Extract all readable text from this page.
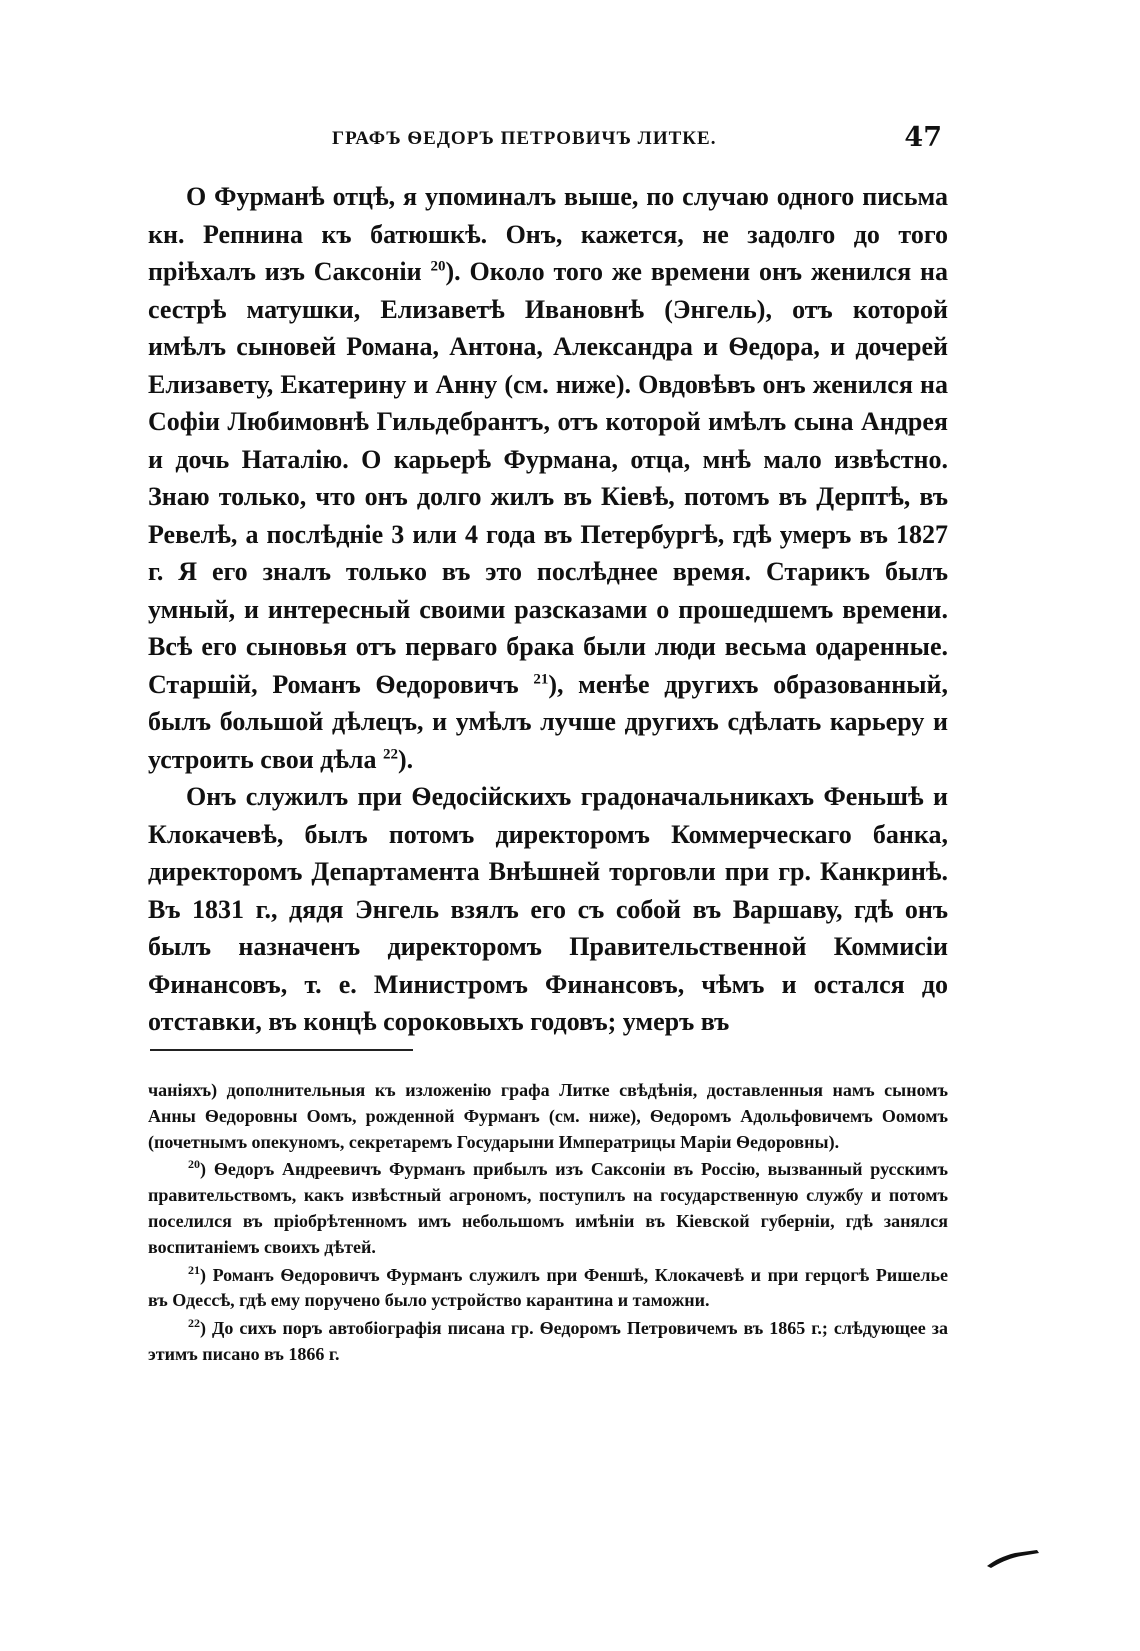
ГРАФЪ ѲЕДОРЪ ПЕТРОВИЧЪ ЛИТКЕ.	47

О Фурманѣ отцѣ, я упоминалъ выше, по случаю одного письма кн. Репнина къ батюшкѣ. Онъ, кажется, не задолго до того прiѣхалъ изъ Саксонiи $^{20}$). Около того же времени онъ женился на сестрѣ матушки, Елизаветѣ Ивановнѣ (Энгель), отъ которой имѣлъ сыновей Романа, Антона, Александра и Ѳедора, и дочерей Елизавету, Екатерину и Анну (см. ниже). Овдовѣвъ онъ женился на Софiи Любимовнѣ Гильдебрантъ, отъ которой имѣлъ сына Андрея и дочь Наталiю. О карьерѣ Фурмана, отца, мнѣ мало извѣстно. Знаю только, что онъ долго жилъ въ Кiевѣ, потомъ въ Дерптѣ, въ Ревелѣ, а послѣднiе 3 или 4 года въ Петербургѣ, гдѣ умеръ въ 1827 г. Я его зналъ только въ это послѣднее время. Старикъ былъ умный, и интересный своими разсказами о прошедшемъ времени. Всѣ его сыновья отъ перваго брака были люди весьма одаренные. Старшiй, Романъ Ѳедоровичъ $^{21}$), менѣе другихъ образованный, былъ большой дѣлецъ, и умѣлъ лучше другихъ сдѣлать карьеру и устроить свои дѣла $^{22}$).

Онъ служилъ при Ѳедосiйскихъ градоначальникахъ Феньшѣ и Клокачевѣ, былъ потомъ директоромъ Коммерческаго банка, директоромъ Департамента Внѣшней торговли при гр. Канкринѣ. Въ 1831 г., дядя Энгель взялъ его съ собой въ Варшаву, гдѣ онъ былъ назначенъ директоромъ Правительственной Коммисiи Финансовъ, т. е. Министромъ Финансовъ, чѣмъ и остался до отставки, въ концѣ сороковыхъ годовъ; умеръ въ

чанiяхъ) дополнительныя къ изложенiю графа Литке свѣдѣнiя, доставленныя намъ сыномъ Анны Ѳедоровны Оомъ, рожденной Фурманъ (см. ниже), Ѳедоромъ Адольфовичемъ Оомомъ (почетнымъ опекуномъ, секретаремъ Государыни Императрицы Марiи Ѳедоровны).

$^{20}$) Ѳедоръ Андреевичъ Фурманъ прибылъ изъ Саксонiи въ Россiю, вызванный русскимъ правительствомъ, какъ извѣстный агрономъ, поступилъ на государственную службу и потомъ поселился въ прiобрѣтенномъ имъ небольшомъ имѣнiи въ Кiевской губернiи, гдѣ занялся воспитанiемъ своихъ дѣтей.

$^{21}$) Романъ Ѳедоровичъ Фурманъ служилъ при Феншѣ, Клокачевѣ и при герцогѣ Ришелье въ Одессѣ, гдѣ ему поручено было устройство карантина и таможни.

$^{22}$) До сихъ поръ автобiографiя писана гр. Ѳедоромъ Петровичемъ въ 1865 г.; слѣдующее за этимъ писано въ 1866 г.
